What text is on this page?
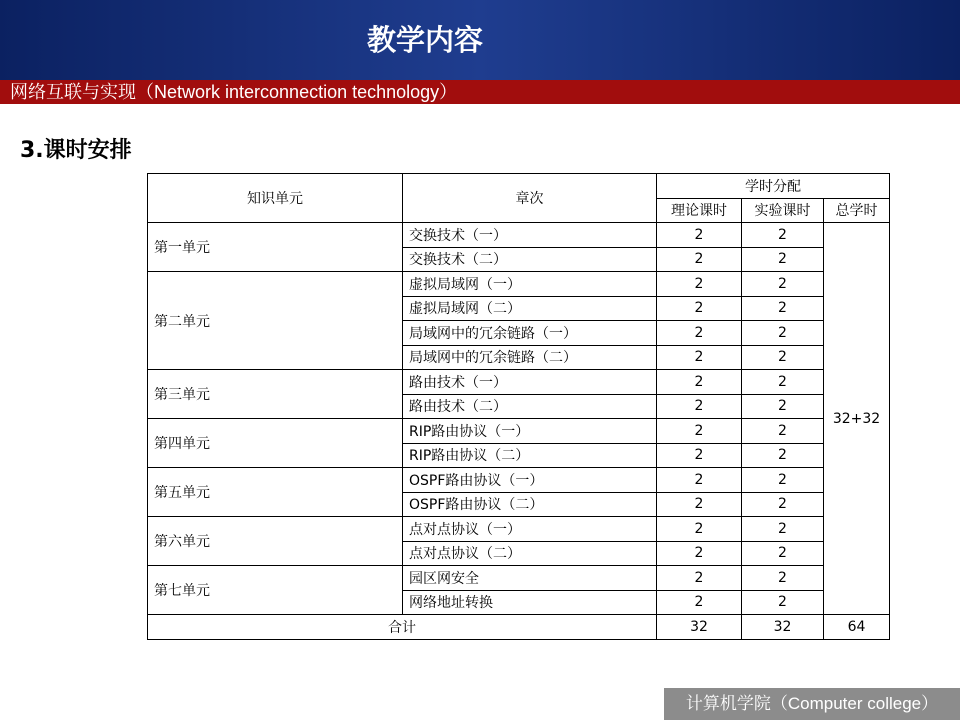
教学内容
网络互联与实现（Network interconnection technology）
3.课时安排
知识单元	章次	学时分配		
		理论课时	实验课时	总学时
第一单元	交换技术（一）	2	2	32+32
	交换技术（二）	2	2	
第二单元	虚拟局域网（一）	2	2	
	虚拟局域网（二）	2	2	
	局域网中的冗余链路（一）	2	2	
	局域网中的冗余链路（二）	2	2	
第三单元	路由技术（一）	2	2	
	路由技术（二）	2	2	
第四单元	RIP路由协议（一）	2	2	
	RIP路由协议（二）	2	2	
第五单元	OSPF路由协议（一）	2	2	
	OSPF路由协议（二）	2	2	
第六单元	点对点协议（一）	2	2	
	点对点协议（二）	2	2	
第七单元	园区网安全	2	2	
	网络地址转换	2	2	
合计		32	32	64
计算机学院（Computer college）
